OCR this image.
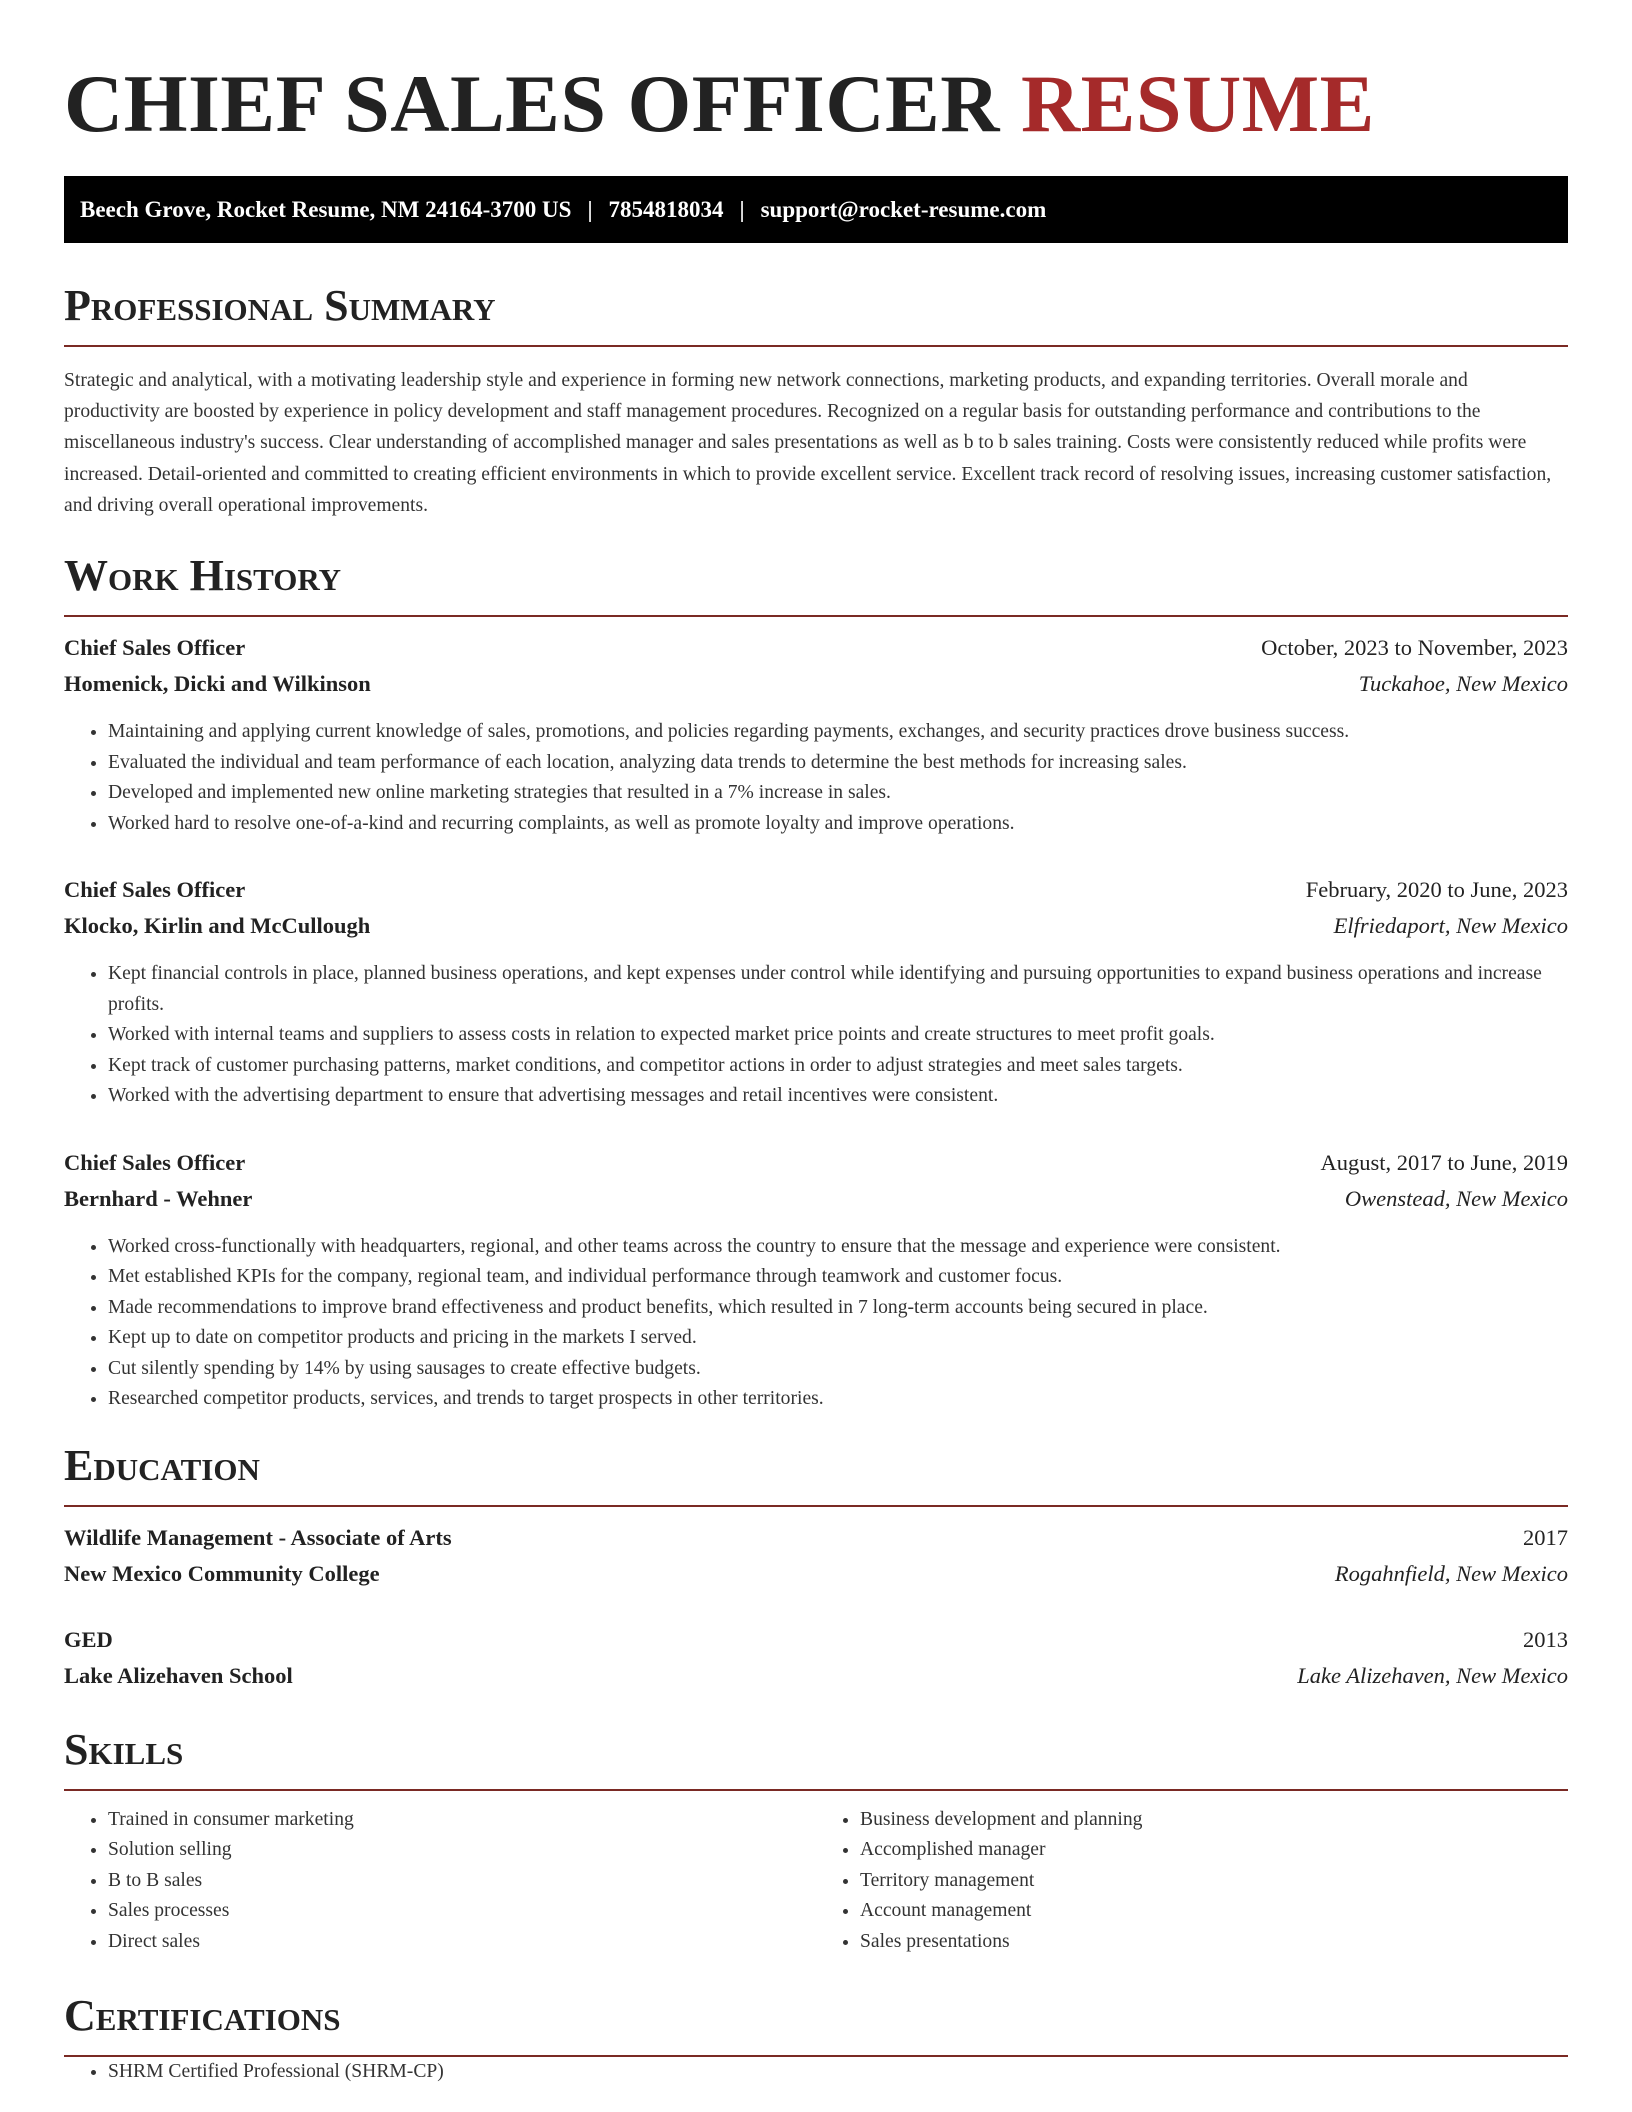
CHIEF SALES OFFICER RESUME
Beech Grove, Rocket Resume, NM 24164-3700 US | 7854818034 | support@rocket-resume.com
Professional Summary

Strategic and analytical, with a motivating leadership style and experience in forming new network connections, marketing products, and expanding territories. Overall morale and productivity are boosted by experience in policy development and staff management procedures. Recognized on a regular basis for outstanding performance and contributions to the miscellaneous industry's success. Clear understanding of accomplished manager and sales presentations as well as b to b sales training. Costs were consistently reduced while profits were increased. Detail-oriented and committed to creating efficient environments in which to provide excellent service. Excellent track record of resolving issues, increasing customer satisfaction, and driving overall operational improvements.

Work History
Chief Sales Officer	October, 2023 to November, 2023
Homenick, Dicki and Wilkinson	Tuckahoe, New Mexico
• Maintaining and applying current knowledge of sales, promotions, and policies regarding payments, exchanges, and security practices drove business success.
• Evaluated the individual and team performance of each location, analyzing data trends to determine the best methods for increasing sales.
• Developed and implemented new online marketing strategies that resulted in a 7% increase in sales.
• Worked hard to resolve one-of-a-kind and recurring complaints, as well as promote loyalty and improve operations.
Chief Sales Officer	February, 2020 to June, 2023
Klocko, Kirlin and McCullough	Elfriedaport, New Mexico
• Kept financial controls in place, planned business operations, and kept expenses under control while identifying and pursuing opportunities to expand business operations and increase profits.
• Worked with internal teams and suppliers to assess costs in relation to expected market price points and create structures to meet profit goals.
• Kept track of customer purchasing patterns, market conditions, and competitor actions in order to adjust strategies and meet sales targets.
• Worked with the advertising department to ensure that advertising messages and retail incentives were consistent.
Chief Sales Officer	August, 2017 to June, 2019
Bernhard - Wehner	Owenstead, New Mexico
• Worked cross-functionally with headquarters, regional, and other teams across the country to ensure that the message and experience were consistent.
• Met established KPIs for the company, regional team, and individual performance through teamwork and customer focus.
• Made recommendations to improve brand effectiveness and product benefits, which resulted in 7 long-term accounts being secured in place.
• Kept up to date on competitor products and pricing in the markets I served.
• Cut silently spending by 14% by using sausages to create effective budgets.
• Researched competitor products, services, and trends to target prospects in other territories.
Education
Wildlife Management - Associate of Arts	2017
New Mexico Community College	Rogahnfield, New Mexico
GED	2013
Lake Alizehaven School	Lake Alizehaven, New Mexico
Skills
• Trained in consumer marketing
• Solution selling
• B to B sales
• Sales processes
• Direct sales
• Business development and planning
• Accomplished manager
• Territory management
• Account management
• Sales presentations
Certifications
• SHRM Certified Professional (SHRM-CP)
